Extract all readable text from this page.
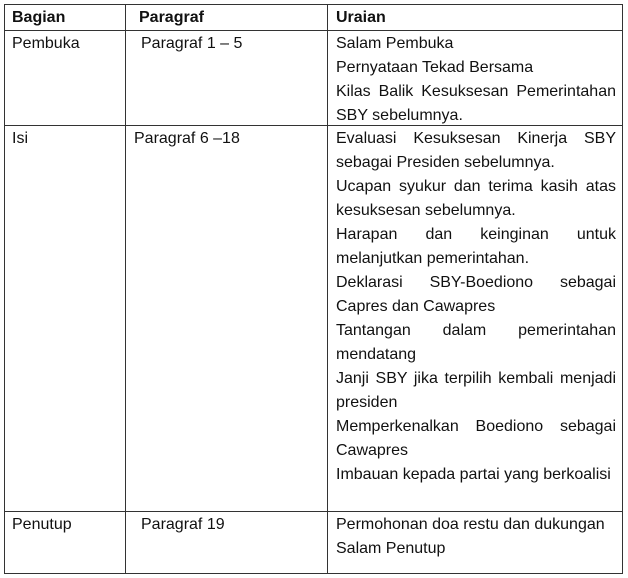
Bagian	Paragraf	Uraian
Pembuka	Paragraf 1 – 5	Salam Pembuka
Pernyataan Tekad Bersama
Kilas Balik Kesuksesan Pemerintahan SBY sebelumnya.
Isi	Paragraf 6 –18	Evaluasi Kesuksesan Kinerja SBY sebagai Presiden sebelumnya.
Ucapan syukur dan terima kasih atas kesuksesan sebelumnya.
Harapan dan keinginan untuk melanjutkan pemerintahan.
Deklarasi SBY-Boediono sebagai Capres dan Cawapres
Tantangan dalam pemerintahan mendatang
Janji SBY jika terpilih kembali menjadi presiden
Memperkenalkan Boediono sebagai Cawapres
Imbauan kepada partai yang berkoalisi
Penutup	Paragraf 19	Permohonan doa restu dan dukungan
Salam Penutup
